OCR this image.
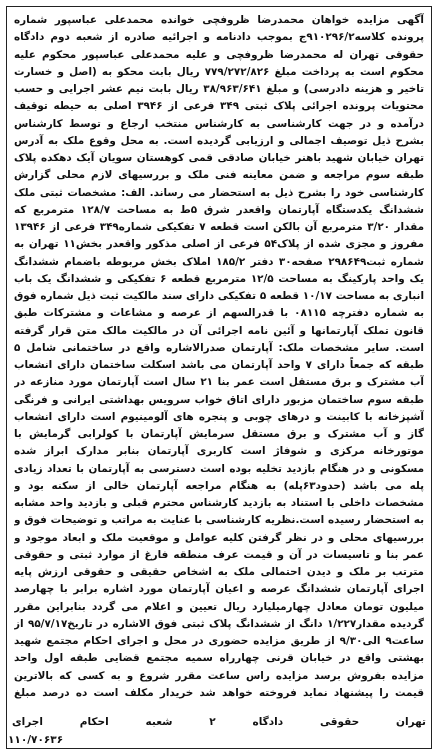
آگهی مزایده خواهان محمدرضا ظروفچی خوانده محمدعلی عباسپور شماره پرونده کلاسه۹۱۰۲۹۶/۲ج بموجب دادنامه و اجرائیه صادره از شعبه دوم دادگاه حقوقی تهران له محمدرضا ظروفچی و علیه محمدعلی عباسپور محکوم علیه محکوم است به پرداخت مبلغ ۷۷۹/۲۷۲/۸۲۶ ریال بابت محکو به (اصل و خسارت تاخیر و هزینه دادرسی) و مبلغ ۳۸/۹۶۳/۶۴۱ ریال بابت نیم عشر اجرایی و حسب محتویات پرونده اجرائی پلاک ثبتی ۳۴۹ فرعی از ۳۹۴۶ اصلی به حیطه توقیف درآمده و در جهت کارشناسی به کارشناس منتخب ارجاع و توسط کارشناس بشرح ذیل توصیف اجمالی و ارزیابی گردیده است. به محل وقوع ملک به آدرس تهران خیابان شهید باهنر خیابان صادقی قمی کوهستان سویان آیک دهکده پلاک طبقه سوم مراجعه و ضمن معاینه فنی ملک و بررسیهای لازم محلی گزارش کارشناسی خود را بشرح ذیل به استحضار می رساند. الف: مشخصات ثبتی ملک ششدانگ یکدستگاه آپارتمان واقعدر شرق ۵ط به مساحت ۱۲۸/۷ مترمربع که مقدار ۳/۲۰ مترمربع آن بالکن است قطعه ۷ تفکیکی شماره۳۴۹ فرعی از ۱۳۹۴۶ مفروز و مجزی شده از پلاک۵۴ فرعی از اصلی مذکور واقعدر بخش۱۱ تهران به شماره ثبت۲۹۸۶۴۹ صفحه۳۰ دفتر ۱۸۵/۲ املاک بخش مربوطه باضمام ششدانگ یک واحد پارکینگ به مساحت ۱۲/۵ مترمربع قطعه ۶ تفکیکی و ششدانگ یک باب انباری به مساحت ۱۰/۱۷ قطعه ۵ تفکیکی دارای سند مالکیت ثبت ذیل شماره فوق به شماره دفترچه ۰۸۱۱۵ با قدرالسهم از عرصه و مشاعات و مشترکات طبق قانون تملک آپارتمانها و آئین نامه اجرائی آن در مالکیت مالک متن قرار گرفته است. سایر مشخصات ملک: آپارتمان صدرالاشاره واقع در ساختمانی شامل ۵ طبقه که جمعاً دارای ۷ واحد آپارتمان می باشد اسکلت ساختمان دارای انشعاب آب مشترک و برق مستقل است عمر بنا ۲۱ سال است آپارتمان مورد منازعه در طبقه سوم ساختمان مزبور دارای اتاق خواب سرویس بهداشتی ایرانی و فرنگی آشپزخانه با کابینت و درهای چوبی و پنجره های آلومینیوم است دارای انشعاب گاز و آب مشترک و برق مستقل سرمایش آپارتمان با کولرابی گرمایش با موتورخانه مرکزی و شوفاژ است کاربری آپارتمان بنابر مدارک ابراز شده مسکونی و در هنگام بازدید تخلیه بوده است دسترسی به آپارتمان با تعداد زیادی پله می باشد (حدود۶۳پله) به هنگام مراجعه آپارتمان خالی از سکنه بود و مشخصات داخلی با استناد به بازدید کارشناس محترم قبلی و بازدید واحد مشابه به استحضار رسیده است.نظریه کارشناسی با عنایت به مراتب و توضیحات فوق و بررسیهای محلی و در نظر گرفتن کلیه عوامل و موقعیت ملک و ابعاد موجود و عمر بنا و تاسیسات در آن و قیمت عرف منطقه فارغ از موارد ثبتی و حقوقی مترتب بر ملک و دیدن احتمالی ملک به اشخاص حقیقی و حقوقی ارزش پایه اجرای آپارتمان ششدانگ عرصه و اعیان آپارتمان مورد اشاره برابر با چهارصد میلیون تومان معادل چهارمیلیارد ریال تعیین و اعلام می گردد بنابراین مقرر گردیده مقدار۱/۲۲۷ دانگ از ششدانگ پلاک ثبتی فوق الاشاره در تاریخ۹۵/۷/۱۷ از ساعت۹ الی۹/۳۰ از طریق مزایده حضوری در محل و اجرای احکام مجتمع شهید بهشتی واقع در خیابان قرنی چهارراه سمیه مجتمع قضایی طبقه اول واحد مزایده بفروش برسد مزایده راس ساعت مقرر شروع و به کسی که بالاترین قیمت را پیشنهاد نماید فروخته خواهد شد خریدار مکلف است ده درصد مبلغ

تهران
حقوقی
دادگاه
۲
شعبه
احکام
اجرای
۱۱۰/۷۰۶۳۶
